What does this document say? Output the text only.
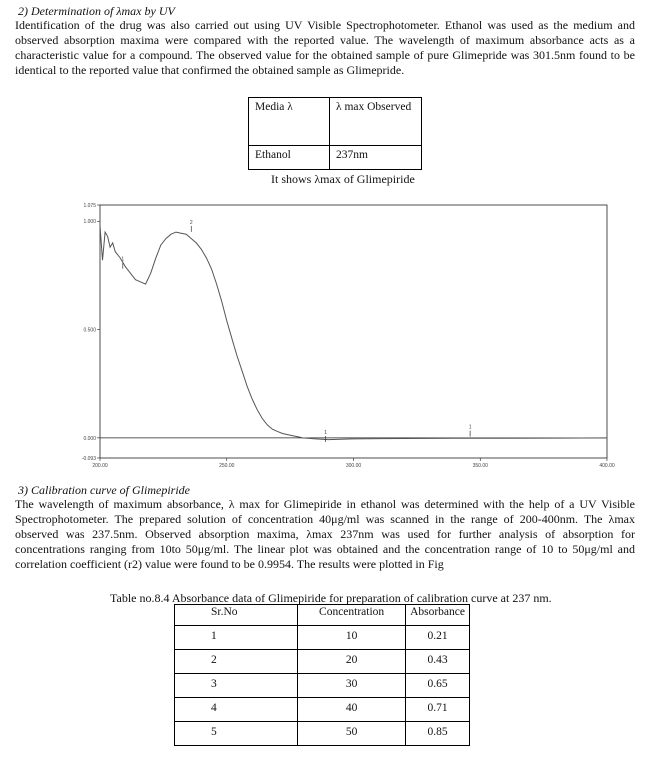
2) Determination of λmax by UV

Identification of the drug was also carried out using UV Visible Spectrophotometer. Ethanol was used as the medium and observed absorption maxima were compared with the reported value. The wavelength of maximum absorbance acts as a characteristic value for a compound. The observed value for the obtained sample of pure Glimepride was 301.5nm found to be identical to the reported value that confirmed the obtained sample as Glimepride.

Media λ	λ max Observed
Ethanol	237nm
It shows λmax of Glimepiride
1.075
1.000
0.500
0.000
-0.093
200.00	250.00	300.00	350.00	400.00
1
2
1
1
3) Calibration curve of Glimepiride

The wavelength of maximum absorbance, λ max for Glimepiride in ethanol was determined with the help of a UV Visible Spectrophotometer. The prepared solution of concentration 40μg/ml was scanned in the range of 200-400nm. The λmax observed was 237.5nm. Observed absorption maxima, λmax 237nm was used for further analysis of absorption for concentrations ranging from 10to 50μg/ml. The linear plot was obtained and the concentration range of 10 to 50μg/ml and correlation coefficient (r2) value were found to be 0.9954. The results were plotted in Fig

Table no.8.4 Absorbance data of Glimepiride for preparation of calibration curve at 237 nm.
Sr.No	Concentration	Absorbance
1	10	0.21
2	20	0.43
3	30	0.65
4	40	0.71
5	50	0.85
